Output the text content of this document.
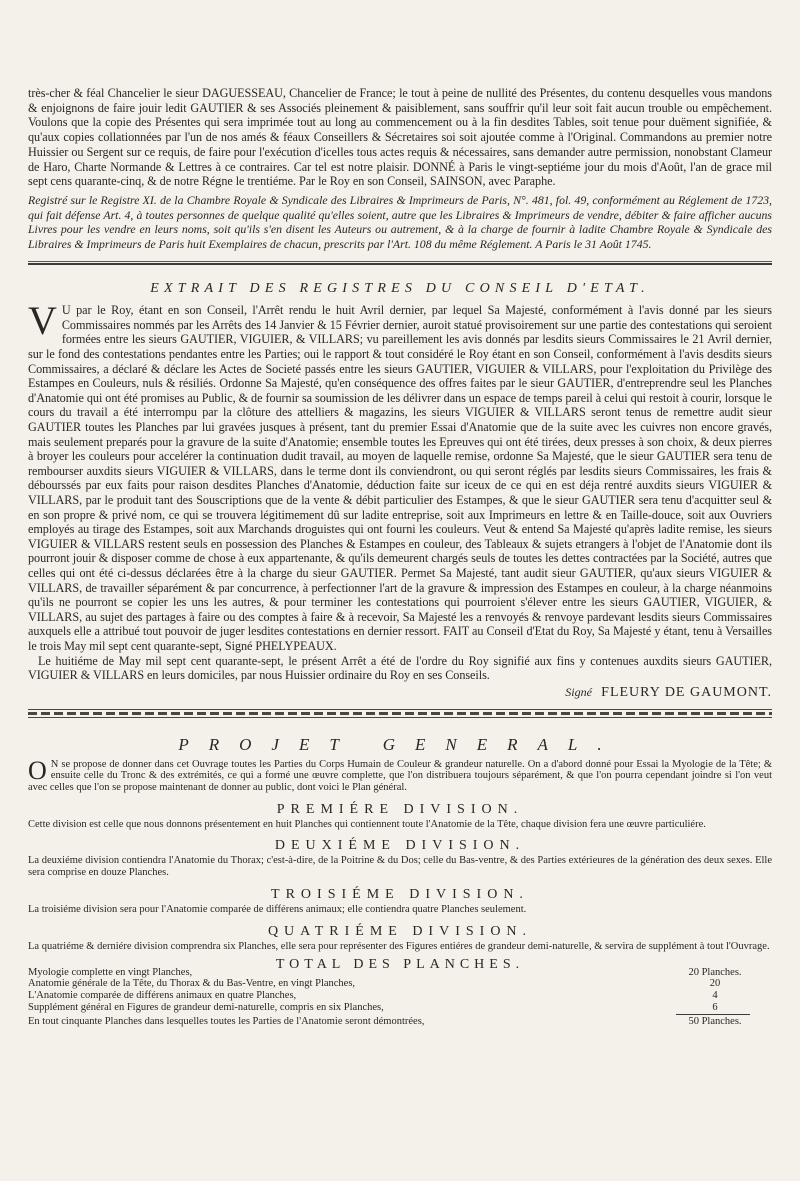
très-cher & féal Chancelier le sieur DAGUESSEAU, Chancelier de France; le tout à peine de nullité des Présentes, du contenu desquelles vous mandons & enjoignons de faire jouir ledit GAUTIER & ses Associés pleinement & paisiblement, sans souffrir qu'il leur soit fait aucun trouble ou empêchement. Voulons que la copie des Présentes qui sera imprimée tout au long au commencement ou à la fin desdites Tables, soit tenue pour duëment signifiée, & qu'aux copies collationnées par l'un de nos amés & féaux Conseillers & Sécretaires soi soit ajoutée comme à l'Original. Commandons au premier notre Huissier ou Sergent sur ce requis, de faire pour l'exécution d'icelles tous actes requis & nécessaires, sans demander autre permission, nonobstant Clameur de Haro, Charte Normande & Lettres à ce contraires. Car tel est notre plaisir. DONNÉ à Paris le vingt-septiéme jour du mois d'Août, l'an de grace mil sept cens quarante-cinq, & de notre Régne le trentiéme. Par le Roy en son Conseil, SAINSON, avec Paraphe.

Registré sur le Registre XI. de la Chambre Royale & Syndicale des Libraires & Imprimeurs de Paris, N°. 481, fol. 49, conformément au Réglement de 1723, qui fait défense Art. 4, à toutes personnes de quelque qualité qu'elles soient, autre que les Libraires & Imprimeurs de vendre, débiter & faire afficher aucuns Livres pour les vendre en leurs noms, soit qu'ils s'en disent les Auteurs ou autrement, & à la charge de fournir à ladite Chambre Royale & Syndicale des Libraires & Imprimeurs de Paris huit Exemplaires de chacun, prescrits par l'Art. 108 du même Réglement. A Paris le 31 Août 1745.

EXTRAIT DES REGISTRES DU CONSEIL D'ETAT.

V U par le Roy, étant en son Conseil, l'Arrêt rendu le huit Avril dernier, par lequel Sa Majesté, conformément à l'avis donné par les sieurs Commissaires nommés par les Arrêts des 14 Janvier & 15 Février dernier, auroit statué provisoirement sur une partie des contestations qui seroient formées entre les sieurs GAUTIER, VIGUIER, & VILLARS; vu pareillement les avis donnés par lesdits sieurs Commissaires le 21 Avril dernier, sur le fond des contestations pendantes entre les Parties; oui le rapport & tout considéré le Roy étant en son Conseil, conformément à l'avis desdits sieurs Commissaires, a déclaré & déclare les Actes de Societé passés entre les sieurs GAUTIER, VIGUIER & VILLARS, pour l'exploitation du Privilège des Estampes en Couleurs, nuls & résiliés. Ordonne Sa Majesté, qu'en conséquence des offres faites par le sieur GAUTIER, d'entreprendre seul les Planches d'Anatomie qui ont été promises au Public, & de fournir sa soumission de les délivrer dans un espace de temps pareil à celui qui restoit à courir, lorsque le cours du travail a été interrompu par la clôture des attelliers & magazins, les sieurs VIGUIER & VILLARS seront tenus de remettre audit sieur GAUTIER toutes les Planches par lui gravées jusques à présent, tant du premier Essai d'Anatomie que de la suite avec les cuivres non encore gravés, mais seulement preparés pour la gravure de la suite d'Anatomie; ensemble toutes les Epreuves qui ont été tirées, deux presses à son choix, & deux pierres à broyer les couleurs pour accelérer la continuation dudit travail, au moyen de laquelle remise, ordonne Sa Majesté, que le sieur GAUTIER sera tenu de rembourser auxdits sieurs VIGUIER & VILLARS, dans le terme dont ils conviendront, ou qui seront réglés par lesdits sieurs Commissaires, les frais & débourssés par eux faits pour raison desdites Planches d'Anatomie, déduction faite sur iceux de ce qui en est déja rentré auxdits sieurs VIGUIER & VILLARS, par le produit tant des Souscriptions que de la vente & débit particulier des Estampes, & que le sieur GAUTIER sera tenu d'acquitter seul & en son propre & privé nom, ce qui se trouvera légitimement dû sur ladite entreprise, soit aux Imprimeurs en lettre & en Taille-douce, soit aux Ouvriers employés au tirage des Estampes, soit aux Marchands droguistes qui ont fourni les couleurs. Veut & entend Sa Majesté qu'après ladite remise, les sieurs VIGUIER & VILLARS restent seuls en possession des Planches & Estampes en couleur, des Tableaux & sujets etrangers à l'objet de l'Anatomie dont ils pourront jouir & disposer comme de chose à eux appartenante, & qu'ils demeurent chargés seuls de toutes les dettes contractées par la Société, autres que celles qui ont été ci-dessus déclarées être à la charge du sieur GAUTIER. Permet Sa Majesté, tant audit sieur GAUTIER, qu'aux sieurs VIGUIER & VILLARS, de travailler séparément & par concurrence, à perfectionner l'art de la gravure & impression des Estampes en couleur, à la charge néanmoins qu'ils ne pourront se copier les uns les autres, & pour terminer les contestations qui pourroient s'élever entre les sieurs GAUTIER, VIGUIER, & VILLARS, au sujet des partages à faire ou des comptes à faire & à recevoir, Sa Majesté les a renvoyés & renvoye pardevant lesdits sieurs Commissaires auxquels elle a attribué tout pouvoir de juger lesdites contestations en dernier ressort. FAIT au Conseil d'Etat du Roy, Sa Majesté y étant, tenu à Versailles le trois May mil sept cent quarante-sept, Signé PHELYPEAUX.

Le huitiéme de May mil sept cent quarante-sept, le présent Arrêt a été de l'ordre du Roy signifié aux fins y contenues auxdits sieurs GAUTIER, VIGUIER & VILLARS en leurs domiciles, par nous Huissier ordinaire du Roy en ses Conseils.

Signé FLEURY DE GAUMONT.
PROJET GENERAL.

O N se propose de donner dans cet Ouvrage toutes les Parties du Corps Humain de Couleur & grandeur naturelle. On a d'abord donné pour Essai la Myologie de la Tête; & ensuite celle du Tronc & des extrémités, ce qui a formé une œuvre complette, que l'on distribuera toujours séparément, & que l'on pourra cependant joindre si l'on veut avec celles que l'on se propose maintenant de donner au public, dont voici le Plan général.

PREMIÉRE DIVISION.

Cette division est celle que nous donnons présentement en huit Planches qui contiennent toute l'Anatomie de la Tête, chaque division fera une œuvre particuliére.

DEUXIÉME DIVISION.

La deuxiéme division contiendra l'Anatomie du Thorax; c'est-à-dire, de la Poitrine & du Dos; celle du Bas-ventre, & des Parties extérieures de la génération des deux sexes. Elle sera comprise en douze Planches.

TROISIÉME DIVISION.

La troisiéme division sera pour l'Anatomie comparée de différens animaux; elle contiendra quatre Planches seulement.

QUATRIÉME DIVISION.

La quatriéme & derniére division comprendra six Planches, elle sera pour représenter des Figures entiéres de grandeur demi-naturelle, & servira de supplément à tout l'Ouvrage.

TOTAL DES PLANCHES.
Myologie complette en vingt Planches,	20 Planches.
Anatomie générale de la Tête, du Thorax & du Bas-Ventre, en vingt Planches,	20
L'Anatomie comparée de différens animaux en quatre Planches,	4
Supplément général en Figures de grandeur demi-naturelle, compris en six Planches,	6
En tout cinquante Planches dans lesquelles toutes les Parties de l'Anatomie seront démontrées,	50 Planches.
